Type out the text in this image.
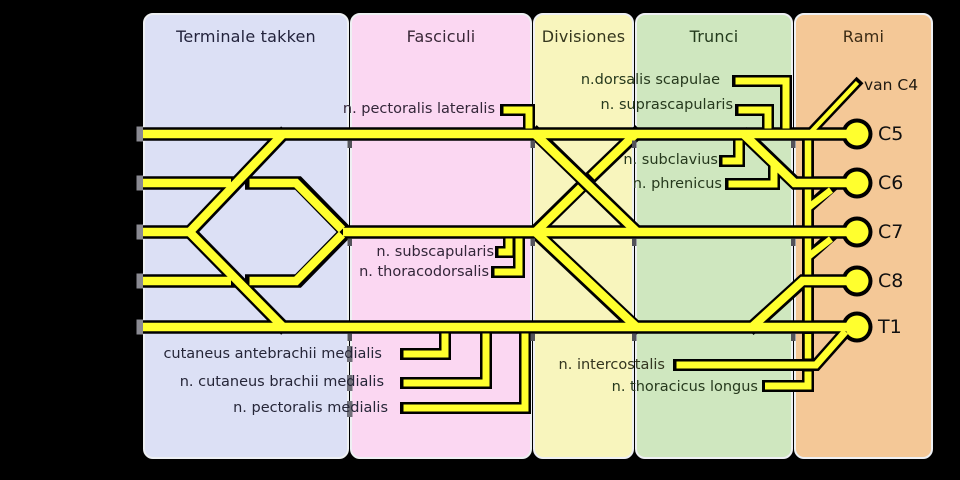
Terminale takken	Fasciculi	Divisiones	Trunci	Rami
n. pectoralis lateralis
n.dorsalis scapulae
n. suprascapularis
n. subclavius
n. phrenicus
n. subscapularis
n. thoracodorsalis
cutaneus antebrachii medialis
n. cutaneus brachii medialis
n. pectoralis medialis
n. intercostalis
n. thoracicus longus
van C4
C5
C6
C7
C8
T1
